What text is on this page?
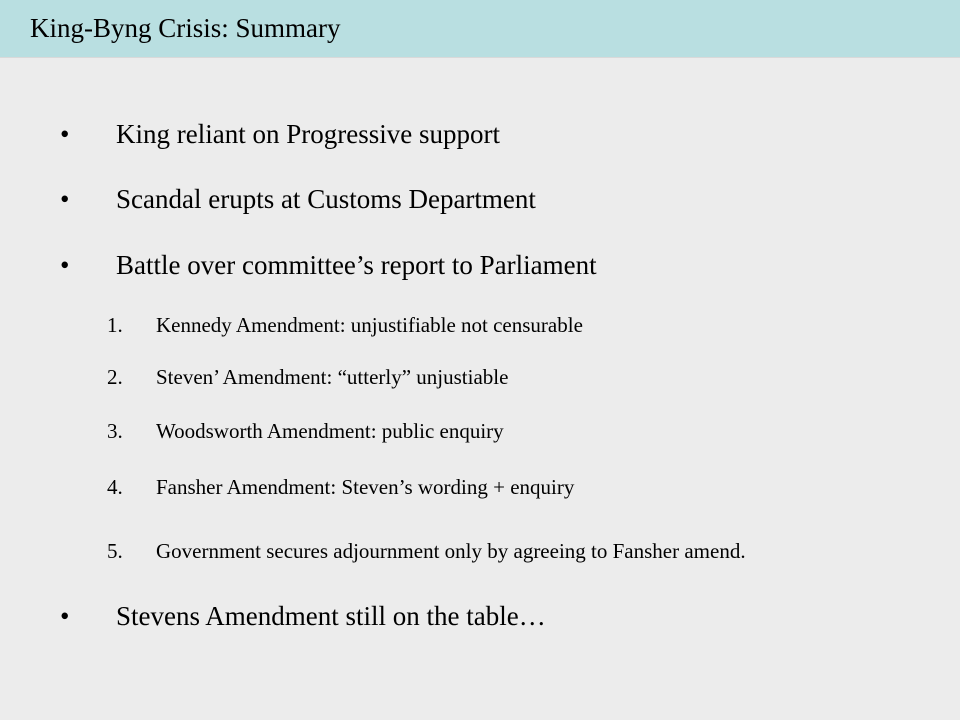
King-Byng Crisis: Summary
• King reliant on Progressive support
• Scandal erupts at Customs Department
• Battle over committee’s report to Parliament
1.	Kennedy Amendment: unjustifiable not censurable
2.	Steven’ Amendment: “utterly” unjustiable
3.	Woodsworth Amendment: public enquiry
4.	Fansher Amendment: Steven’s wording + enquiry
5.	Government secures adjournment only by agreeing to Fansher amend.
• Stevens Amendment still on the table…
